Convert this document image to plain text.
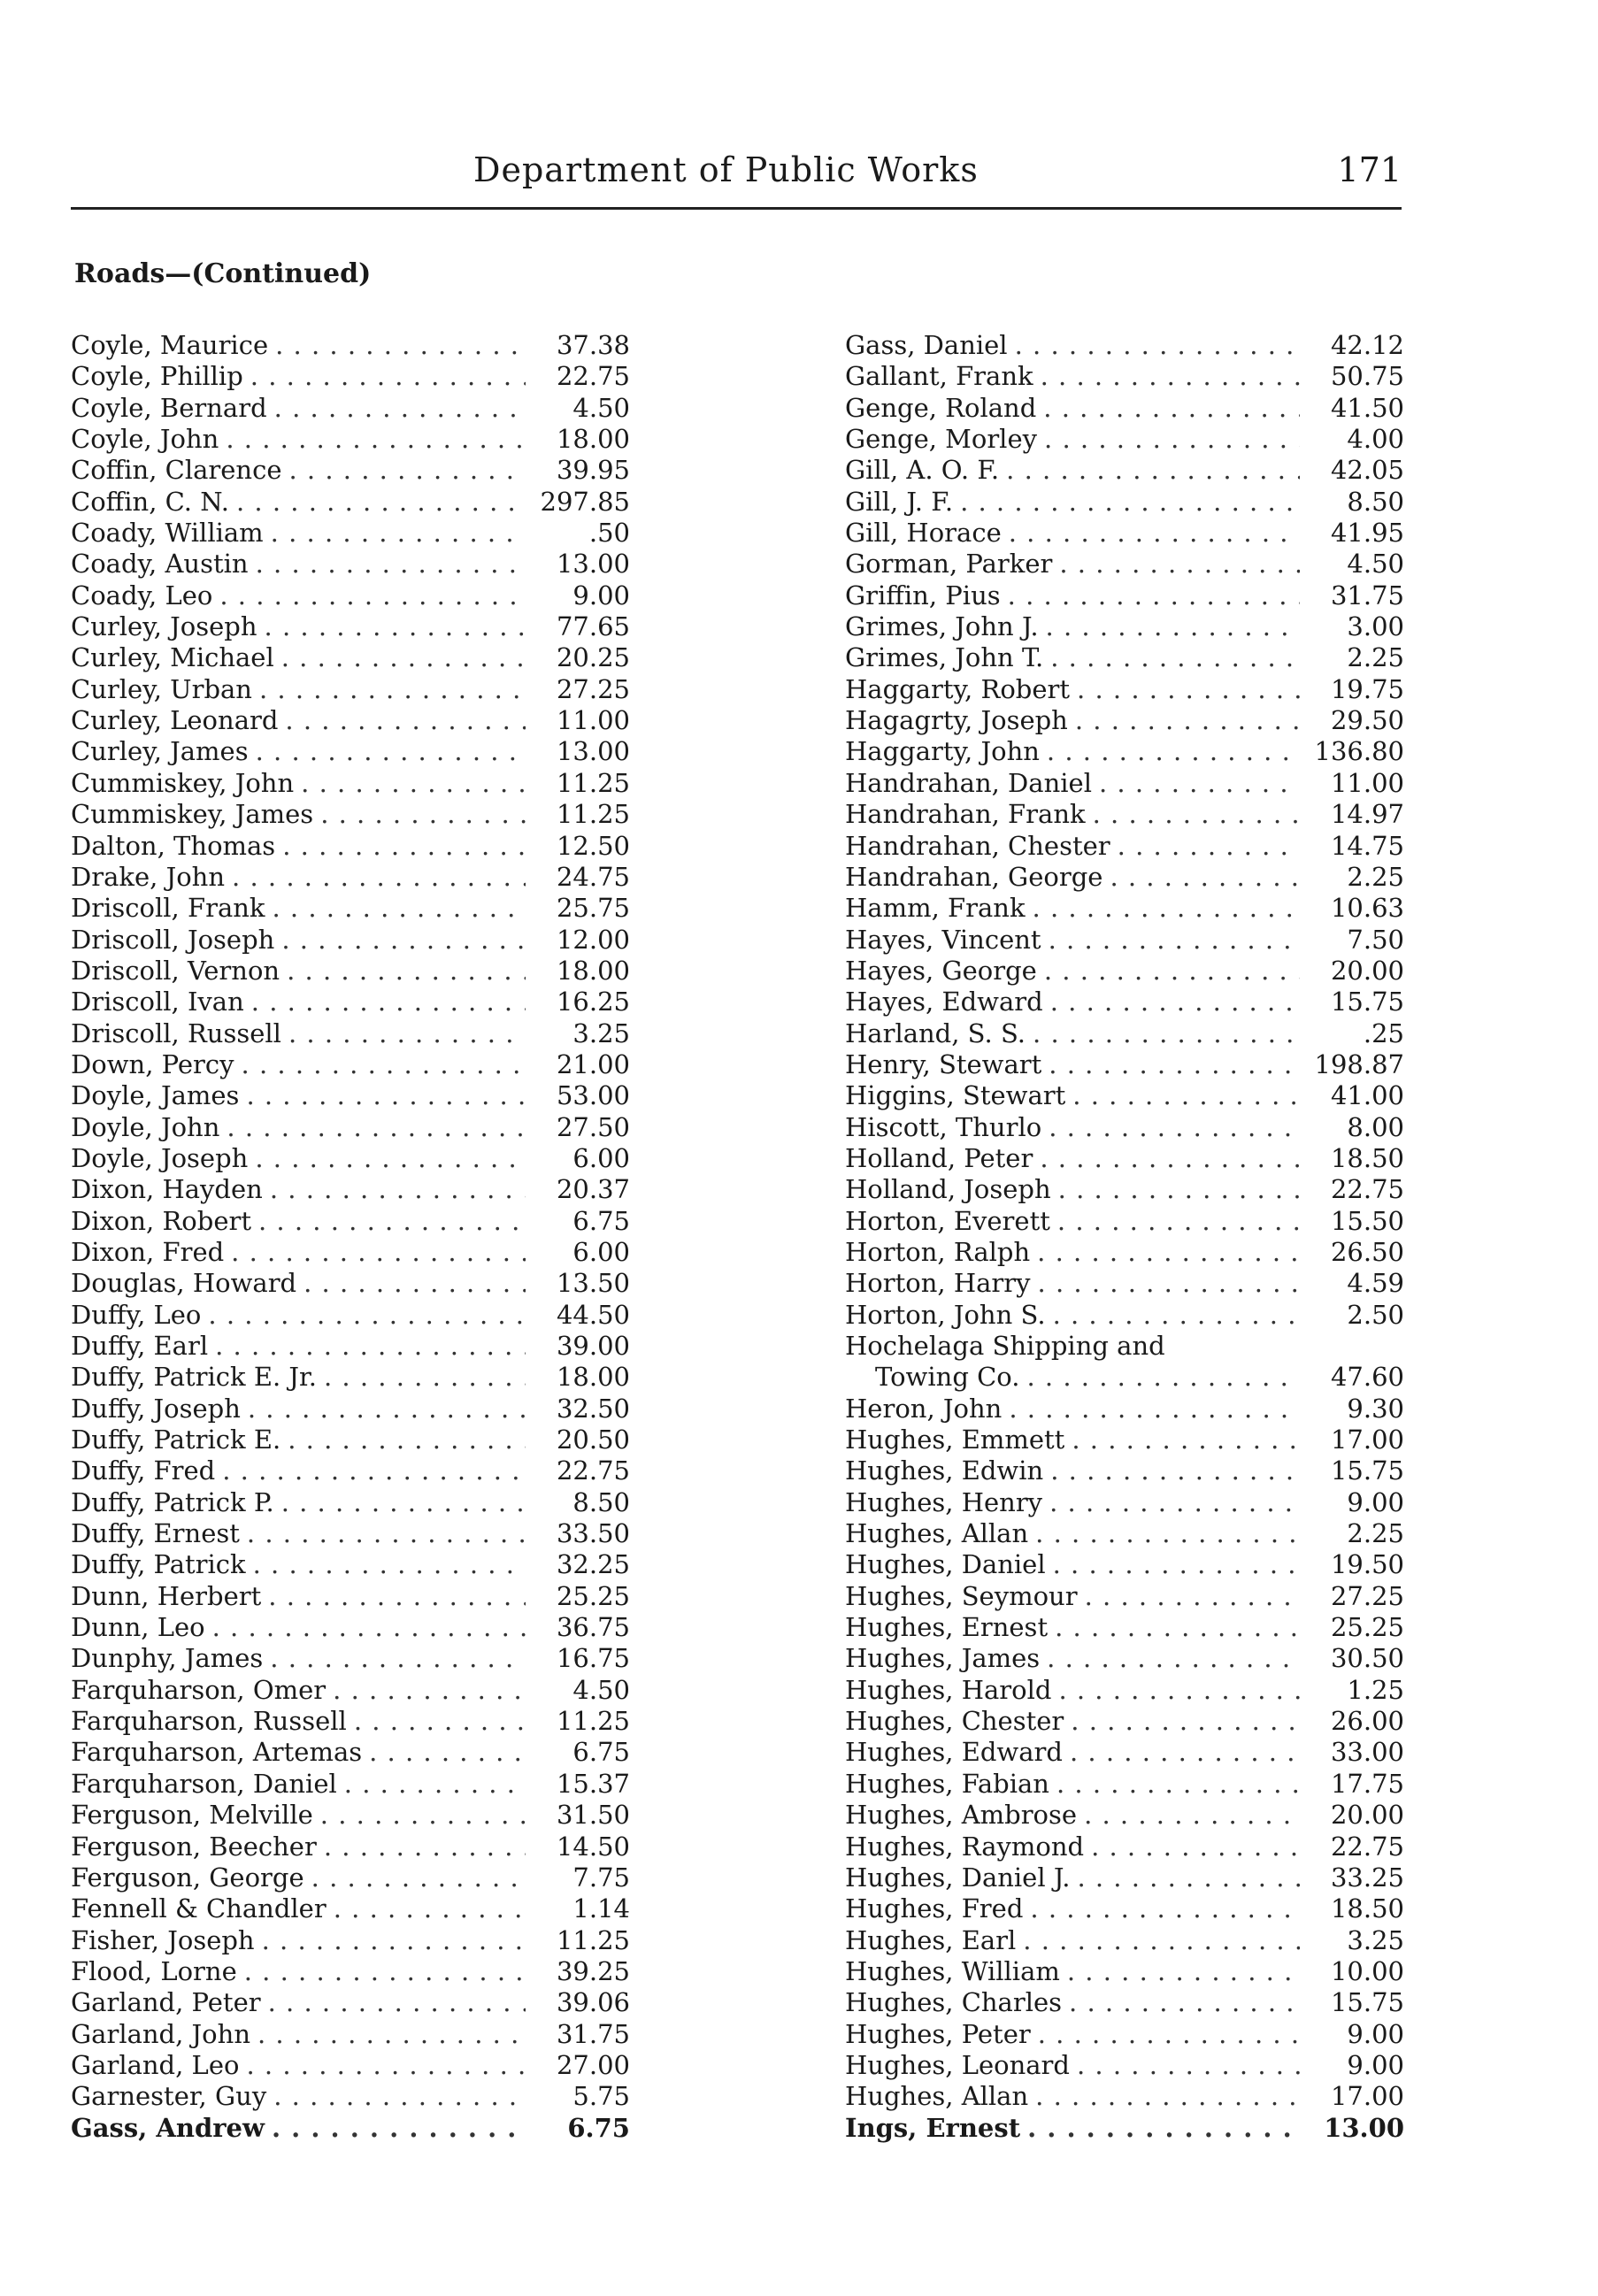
Department of Public Works	171
Roads—(Continued)
Coyle, Maurice . . .	37.38
Coyle, Phillip . . .	22.75
Coyle, Bernard . . .	4.50
Coyle, John . . .	18.00
Coffin, Clarence . . .	39.95
Coffin, C. N. . . .	297.85
Coady, William . . .	.50
Coady, Austin . . .	13.00
Coady, Leo . . .	9.00
Curley, Joseph . . .	77.65
Curley, Michael . . .	20.25
Curley, Urban . . .	27.25
Curley, Leonard . . .	11.00
Curley, James . . .	13.00
Cummiskey, John . . .	11.25
Cummiskey, James . . .	11.25
Dalton, Thomas . . .	12.50
Drake, John . . .	24.75
Driscoll, Frank . . .	25.75
Driscoll, Joseph . . .	12.00
Driscoll, Vernon . . .	18.00
Driscoll, Ivan . . .	16.25
Driscoll, Russell . . .	3.25
Down, Percy . . .	21.00
Doyle, James . . .	53.00
Doyle, John . . .	27.50
Doyle, Joseph . . .	6.00
Dixon, Hayden . . .	20.37
Dixon, Robert . . .	6.75
Dixon, Fred . . .	6.00
Douglas, Howard . . .	13.50
Duffy, Leo . . .	44.50
Duffy, Earl . . .	39.00
Duffy, Patrick E. Jr. . . .	18.00
Duffy, Joseph . . .	32.50
Duffy, Patrick E. . . .	20.50
Duffy, Fred . . .	22.75
Duffy, Patrick P. . . .	8.50
Duffy, Ernest . . .	33.50
Duffy, Patrick . . .	32.25
Dunn, Herbert . . .	25.25
Dunn, Leo . . .	36.75
Dunphy, James . . .	16.75
Farquharson, Omer . . .	4.50
Farquharson, Russell . . .	11.25
Farquharson, Artemas . . .	6.75
Farquharson, Daniel . . .	15.37
Ferguson, Melville . . .	31.50
Ferguson, Beecher . . .	14.50
Ferguson, George . . .	7.75
Fennell & Chandler . . .	1.14
Fisher, Joseph . . .	11.25
Flood, Lorne . . .	39.25
Garland, Peter . . .	39.06
Garland, John . . .	31.75
Garland, Leo . . .	27.00
Garnester, Guy . . .	5.75
Gass, Andrew . . .	6.75
Gass, Daniel . . .	42.12
Gallant, Frank . . .	50.75
Genge, Roland . . .	41.50
Genge, Morley . . .	4.00
Gill, A. O. F. . . .	42.05
Gill, J. F. . . .	8.50
Gill, Horace . . .	41.95
Gorman, Parker . . .	4.50
Griffin, Pius . . .	31.75
Grimes, John J. . . .	3.00
Grimes, John T. . . .	2.25
Haggarty, Robert . . .	19.75
Hagagrty, Joseph . . .	29.50
Haggarty, John . . .	136.80
Handrahan, Daniel . . .	11.00
Handrahan, Frank . . .	14.97
Handrahan, Chester . . .	14.75
Handrahan, George . . .	2.25
Hamm, Frank . . .	10.63
Hayes, Vincent . . .	7.50
Hayes, George . . .	20.00
Hayes, Edward . . .	15.75
Harland, S. S. . . .	.25
Henry, Stewart . . .	198.87
Higgins, Stewart . . .	41.00
Hiscott, Thurlo . . .	8.00
Holland, Peter . . .	18.50
Holland, Joseph . . .	22.75
Horton, Everett . . .	15.50
Horton, Ralph . . .	26.50
Horton, Harry . . .	4.59
Horton, John S. . . .	2.50
Hochelaga Shipping and
Towing Co. . . .	47.60
Heron, John . . .	9.30
Hughes, Emmett . . .	17.00
Hughes, Edwin . . .	15.75
Hughes, Henry . . .	9.00
Hughes, Allan . . .	2.25
Hughes, Daniel . . .	19.50
Hughes, Seymour . . .	27.25
Hughes, Ernest . . .	25.25
Hughes, James . . .	30.50
Hughes, Harold . . .	1.25
Hughes, Chester . . .	26.00
Hughes, Edward . . .	33.00
Hughes, Fabian . . .	17.75
Hughes, Ambrose . . .	20.00
Hughes, Raymond . . .	22.75
Hughes, Daniel J. . . .	33.25
Hughes, Fred . . .	18.50
Hughes, Earl . . .	3.25
Hughes, William . . .	10.00
Hughes, Charles . . .	15.75
Hughes, Peter . . .	9.00
Hughes, Leonard . . .	9.00
Hughes, Allan . . .	17.00
Ings, Ernest . . .	13.00
